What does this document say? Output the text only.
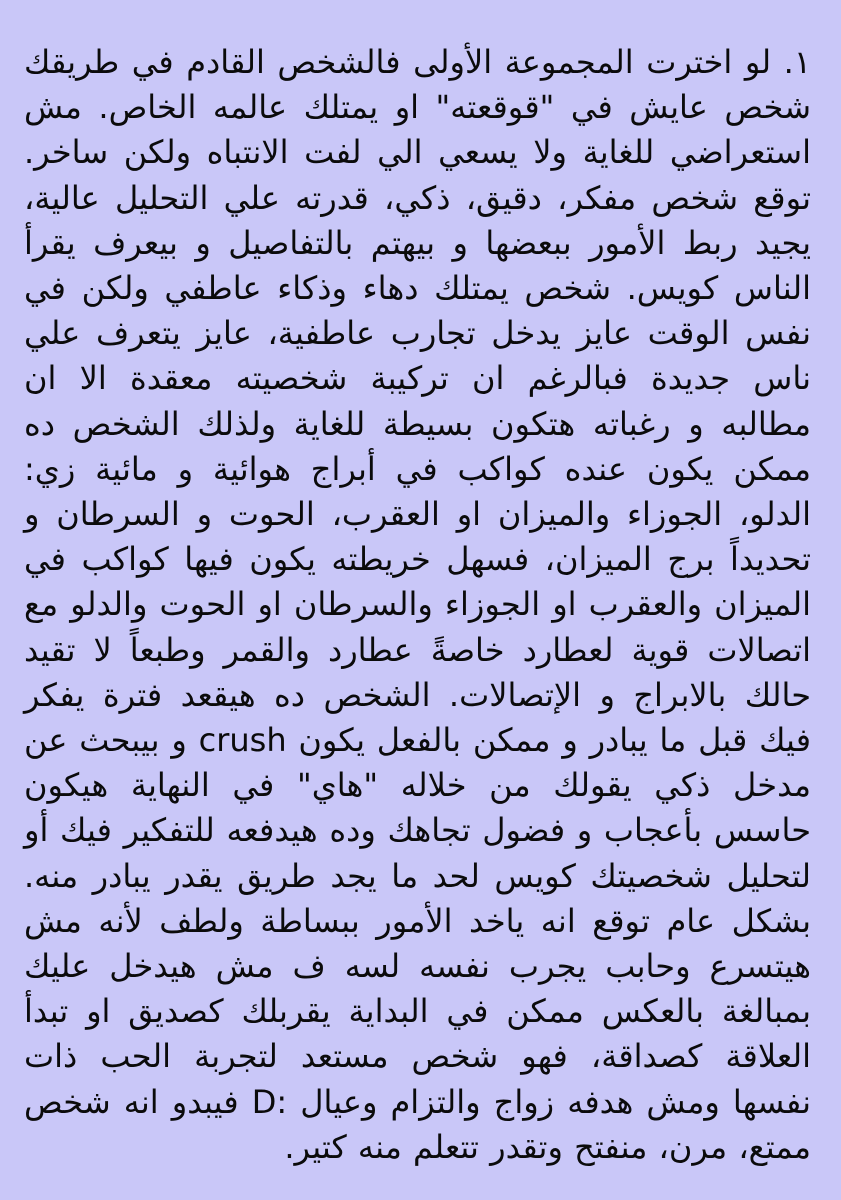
١. لو اخترت المجموعة الأولى فالشخص القادم في طريقك شخص عايش في "قوقعته" او يمتلك عالمه الخاص. مش استعراضي للغاية ولا يسعي الي لفت الانتباه ولكن ساخر. توقع شخص مفكر، دقيق، ذكي، قدرته علي التحليل عالية، يجيد ربط الأمور ببعضها و بيهتم بالتفاصيل و بيعرف يقرأ الناس كويس. شخص يمتلك دهاء وذكاء عاطفي ولكن في نفس الوقت عايز يدخل تجارب عاطفية، عايز يتعرف علي ناس جديدة فبالرغم ان تركيبة شخصيته معقدة الا ان مطالبه و رغباته هتكون بسيطة للغاية ولذلك الشخص ده ممكن يكون عنده كواكب في أبراج هوائية و مائية زي: الدلو، الجوزاء والميزان او العقرب، الحوت و السرطان و تحديداً برج الميزان، فسهل خريطته يكون فيها كواكب في الميزان والعقرب او الجوزاء والسرطان او الحوت والدلو مع اتصالات قوية لعطارد خاصةً عطارد والقمر وطبعاً لا تقيد حالك بالابراج و الإتصالات. الشخص ده هيقعد فترة يفكر فيك قبل ما يبادر و ممكن بالفعل يكون crush و بيبحث عن مدخل ذكي يقولك من خلاله "هاي" في النهاية هيكون حاسس بأعجاب و فضول تجاهك وده هيدفعه للتفكير فيك أو لتحليل شخصيتك كويس لحد ما يجد طريق يقدر يبادر منه. بشكل عام توقع انه ياخد الأمور ببساطة ولطف لأنه مش هيتسرع وحابب يجرب نفسه لسه ف مش هيدخل عليك بمبالغة بالعكس ممكن في البداية يقربلك كصديق او تبدأ العلاقة كصداقة، فهو شخص مستعد لتجربة الحب ذات نفسها ومش هدفه زواج والتزام وعيال :D فيبدو انه شخص ممتع، مرن، منفتح وتقدر تتعلم منه كتير.
